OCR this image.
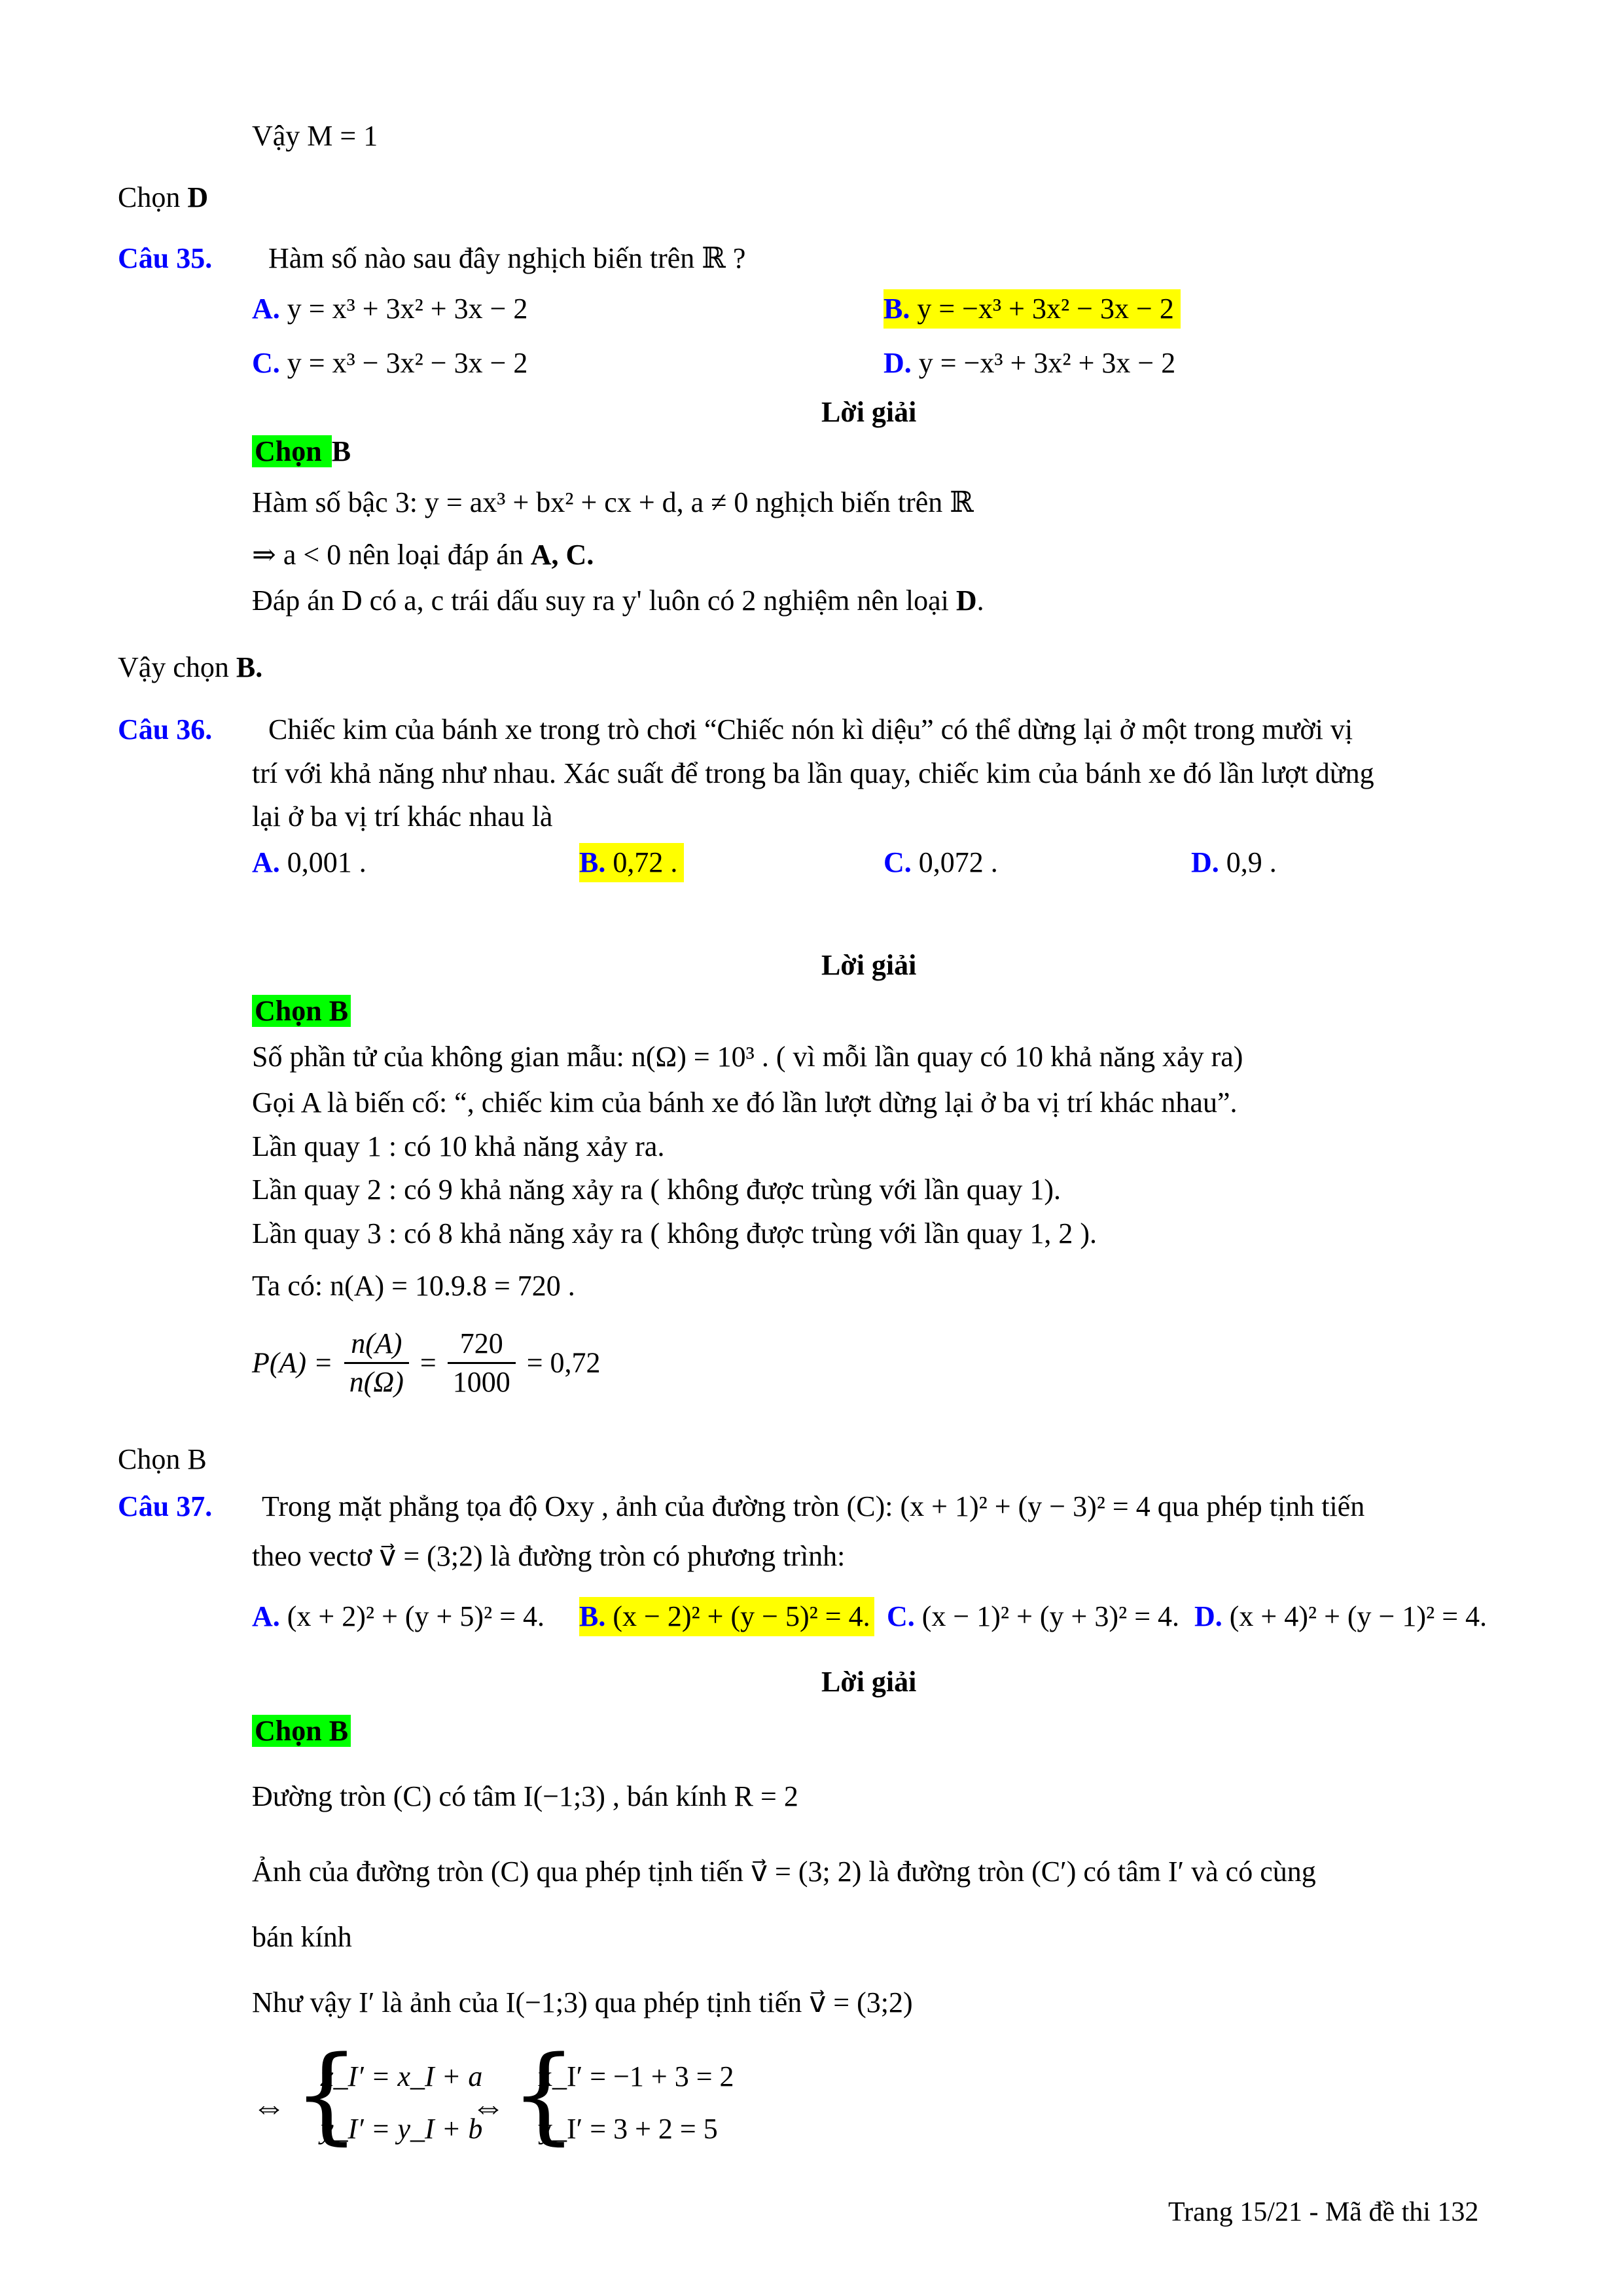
Vậy M = 1
Chọn D
Câu 35. Hàm số nào sau đây nghịch biến trên ℝ ?
A. y = x³ + 3x² + 3x − 2	B. y = −x³ + 3x² − 3x − 2
C. y = x³ − 3x² − 3x − 2	D. y = −x³ + 3x² + 3x − 2
Lời giải
Chọn B
Hàm số bậc 3: y = ax³ + bx² + cx + d, a ≠ 0 nghịch biến trên ℝ
⇒ a < 0 nên loại đáp án A, C.
Đáp án D có a, c trái dấu suy ra y' luôn có 2 nghiệm nên loại D.
Vậy chọn B.
Câu 36. Chiếc kim của bánh xe trong trò chơi “Chiếc nón kì diệu” có thể dừng lại ở một trong mười vị
trí với khả năng như nhau. Xác suất để trong ba lần quay, chiếc kim của bánh xe đó lần lượt dừng
lại ở ba vị trí khác nhau là
A. 0,001 .	B. 0,72 .	C. 0,072 .	D. 0,9 .
Lời giải
Chọn B
Số phần tử của không gian mẫu: n(Ω) = 10³ . ( vì mỗi lần quay có 10 khả năng xảy ra)
Gọi A là biến cố: “, chiếc kim của bánh xe đó lần lượt dừng lại ở ba vị trí khác nhau”.
Lần quay 1 : có 10 khả năng xảy ra.
Lần quay 2 : có 9 khả năng xảy ra ( không được trùng với lần quay 1).
Lần quay 3 : có 8 khả năng xảy ra ( không được trùng với lần quay 1, 2 ).
Ta có: n(A) = 10.9.8 = 720 .
$P(A) = \frac{n(A)}{n(\Omega)} = \frac{720}{1000} = 0,72$
Chọn B
Câu 37. Trong mặt phẳng tọa độ Oxy , ảnh của đường tròn (C): (x + 1)² + (y − 3)² = 4 qua phép tịnh tiến
theo vectơ v⃗ = (3;2) là đường tròn có phương trình:
A. (x + 2)² + (y + 5)² = 4. B. (x − 2)² + (y − 5)² = 4. C. (x − 1)² + (y + 3)² = 4. D. (x + 4)² + (y − 1)² = 4.
Lời giải
Chọn B
Đường tròn (C) có tâm I(−1;3) , bán kính R = 2
Ảnh của đường tròn (C) qua phép tịnh tiến v⃗ = (3; 2) là đường tròn (C′) có tâm I′ và có cùng
bán kính
Như vậy I′ là ảnh của I(−1;3) qua phép tịnh tiến v⃗ = (3;2)
⇔ {
x_I′ = x_I + a
y_I′ = y_I + b
⇔ {
x_I′ = −1 + 3 = 2
y_I′ = 3 + 2 = 5
Trang 15/21 - Mã đề thi 132
